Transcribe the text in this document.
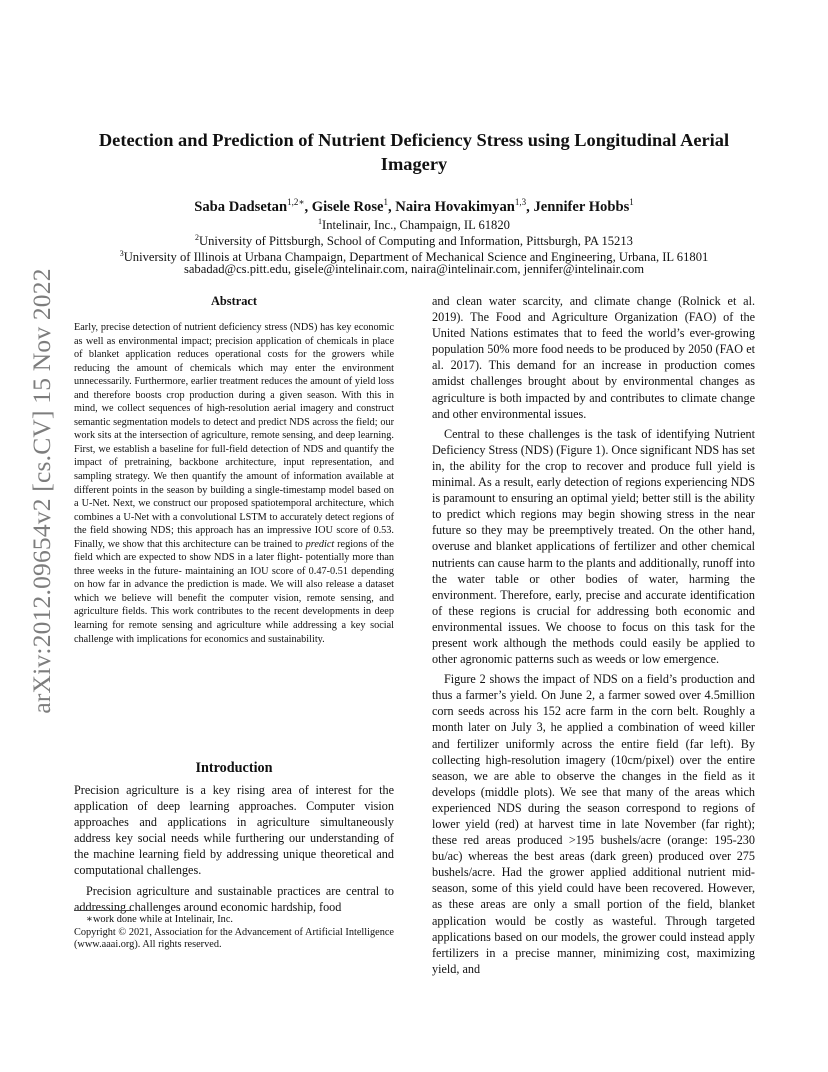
arXiv:2012.09654v2 [cs.CV] 15 Nov 2022
Detection and Prediction of Nutrient Deficiency Stress using Longitudinal Aerial Imagery
Saba Dadsetan$^{1,2∗}$, Gisele Rose$^1$, Naira Hovakimyan$^{1,3}$, Jennifer Hobbs$^1$
$^1$Intelinair, Inc., Champaign, IL 61820
$^2$University of Pittsburgh, School of Computing and Information, Pittsburgh, PA 15213
$^3$University of Illinois at Urbana Champaign, Department of Mechanical Science and Engineering, Urbana, IL 61801
sabadad@cs.pitt.edu, gisele@intelinair.com, naira@intelinair.com, jennifer@intelinair.com
Abstract
Early, precise detection of nutrient deficiency stress (NDS) has key economic as well as environmental impact; precision application of chemicals in place of blanket application reduces operational costs for the growers while reducing the amount of chemicals which may enter the environment unnecessarily. Furthermore, earlier treatment reduces the amount of yield loss and therefore boosts crop production during a given season. With this in mind, we collect sequences of high-resolution aerial imagery and construct semantic segmentation models to detect and predict NDS across the field; our work sits at the intersection of agriculture, remote sensing, and deep learning. First, we establish a baseline for full-field detection of NDS and quantify the impact of pretraining, backbone architecture, input representation, and sampling strategy. We then quantify the amount of information available at different points in the season by building a single-timestamp model based on a U-Net. Next, we construct our proposed spatiotemporal architecture, which combines a U-Net with a convolutional LSTM to accurately detect regions of the field showing NDS; this approach has an impressive IOU score of 0.53. Finally, we show that this architecture can be trained to predict regions of the field which are expected to show NDS in a later flight- potentially more than three weeks in the future- maintaining an IOU score of 0.47-0.51 depending on how far in advance the prediction is made. We will also release a dataset which we believe will benefit the computer vision, remote sensing, and agriculture fields. This work contributes to the recent developments in deep learning for remote sensing and agriculture while addressing a key social challenge with implications for economics and sustainability.
Introduction

Precision agriculture is a key rising area of interest for the application of deep learning approaches. Computer vision approaches and applications in agriculture simultaneously address key social needs while furthering our understanding of the machine learning field by addressing unique theoretical and computational challenges.

Precision agriculture and sustainable practices are central to addressing challenges around economic hardship, food

∗work done while at Intelinair, Inc.
Copyright © 2021, Association for the Advancement of Artificial Intelligence (www.aaai.org). All rights reserved.

and clean water scarcity, and climate change (Rolnick et al. 2019). The Food and Agriculture Organization (FAO) of the United Nations estimates that to feed the world’s ever-growing population 50% more food needs to be produced by 2050 (FAO et al. 2017). This demand for an increase in production comes amidst challenges brought about by environmental changes as agriculture is both impacted by and contributes to climate change and other environmental issues.

Central to these challenges is the task of identifying Nutrient Deficiency Stress (NDS) (Figure 1). Once significant NDS has set in, the ability for the crop to recover and produce full yield is minimal. As a result, early detection of regions experiencing NDS is paramount to ensuring an optimal yield; better still is the ability to predict which regions may begin showing stress in the near future so they may be preemptively treated. On the other hand, overuse and blanket applications of fertilizer and other chemical nutrients can cause harm to the plants and additionally, runoff into the water table or other bodies of water, harming the environment. Therefore, early, precise and accurate identification of these regions is crucial for addressing both economic and environmental issues. We choose to focus on this task for the present work although the methods could easily be applied to other agronomic patterns such as weeds or low emergence.

Figure 2 shows the impact of NDS on a field’s production and thus a farmer’s yield. On June 2, a farmer sowed over 4.5million corn seeds across his 152 acre farm in the corn belt. Roughly a month later on July 3, he applied a combination of weed killer and fertilizer uniformly across the entire field (far left). By collecting high-resolution imagery (10cm/pixel) over the entire season, we are able to observe the changes in the field as it develops (middle plots). We see that many of the areas which experienced NDS during the season correspond to regions of lower yield (red) at harvest time in late November (far right); these red areas produced >195 bushels/acre (orange: 195-230 bu/ac) whereas the best areas (dark green) produced over 275 bushels/acre. Had the grower applied additional nutrient mid-season, some of this yield could have been recovered. However, as these areas are only a small portion of the field, blanket application would be costly as wasteful. Through targeted applications based on our models, the grower could instead apply fertilizers in a precise manner, minimizing cost, maximizing yield, and
